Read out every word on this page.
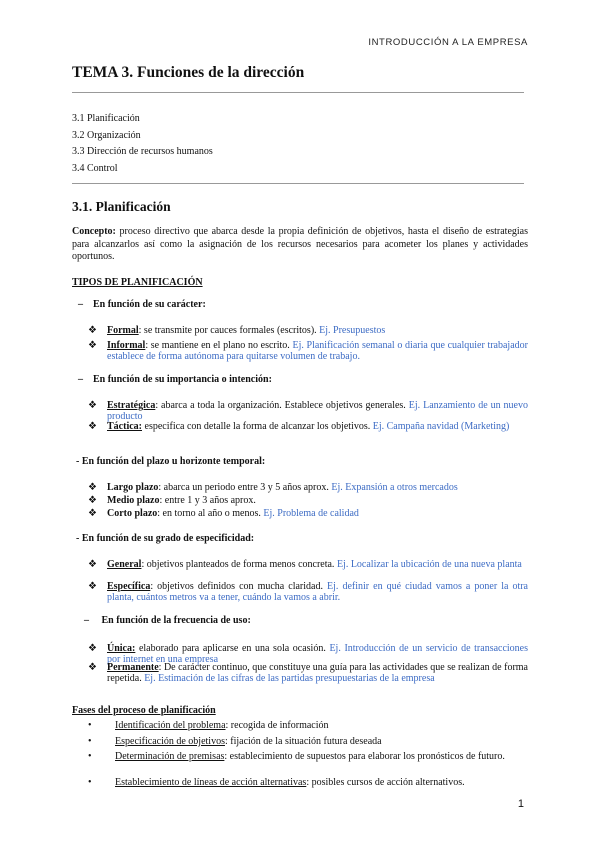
INTRODUCCIÓN A LA EMPRESA
TEMA 3. Funciones de la dirección
3.1 Planificación
3.2 Organización
3.3 Dirección de recursos humanos
3.4 Control
3.1. Planificación
Concepto: proceso directivo que abarca desde la propia definición de objetivos, hasta el diseño de estrategias para alcanzarlos así como la asignación de los recursos necesarios para acometer los planes y actividades oportunos.
TIPOS DE PLANIFICACIÓN
– En función de su carácter:
❖ Formal: se transmite por cauces formales (escritos). Ej. Presupuestos
❖ Informal: se mantiene en el plano no escrito. Ej. Planificación semanal o diaria que cualquier trabajador establece de forma autónoma para quitarse volumen de trabajo.
– En función de su importancia o intención:
❖ Estratégica: abarca a toda la organización. Establece objetivos generales. Ej. Lanzamiento de un nuevo producto
❖ Táctica: especifica con detalle la forma de alcanzar los objetivos. Ej. Campaña navidad (Marketing)
- En función del plazo u horizonte temporal:
❖ Largo plazo: abarca un periodo entre 3 y 5 años aprox. Ej. Expansión a otros mercados
❖ Medio plazo: entre 1 y 3 años aprox.
❖ Corto plazo: en torno al año o menos. Ej. Problema de calidad
- En función de su grado de especificidad:
❖ General: objetivos planteados de forma menos concreta. Ej. Localizar la ubicación de una nueva planta
❖ Específica: objetivos definidos con mucha claridad. Ej. definir en qué ciudad vamos a poner la otra planta, cuántos metros va a tener, cuándo la vamos a abrir.
– En función de la frecuencia de uso:
❖ Única: elaborado para aplicarse en una sola ocasión. Ej. Introducción de un servicio de transacciones por internet en una empresa
❖ Permanente: De carácter continuo, que constituye una guía para las actividades que se realizan de forma repetida. Ej. Estimación de las cifras de las partidas presupuestarias de la empresa
Fases del proceso de planificación
• Identificación del problema: recogida de información
• Especificación de objetivos: fijación de la situación futura deseada
• Determinación de premisas: establecimiento de supuestos para elaborar los pronósticos de futuro.
• Establecimiento de líneas de acción alternativas: posibles cursos de acción alternativos.
1
